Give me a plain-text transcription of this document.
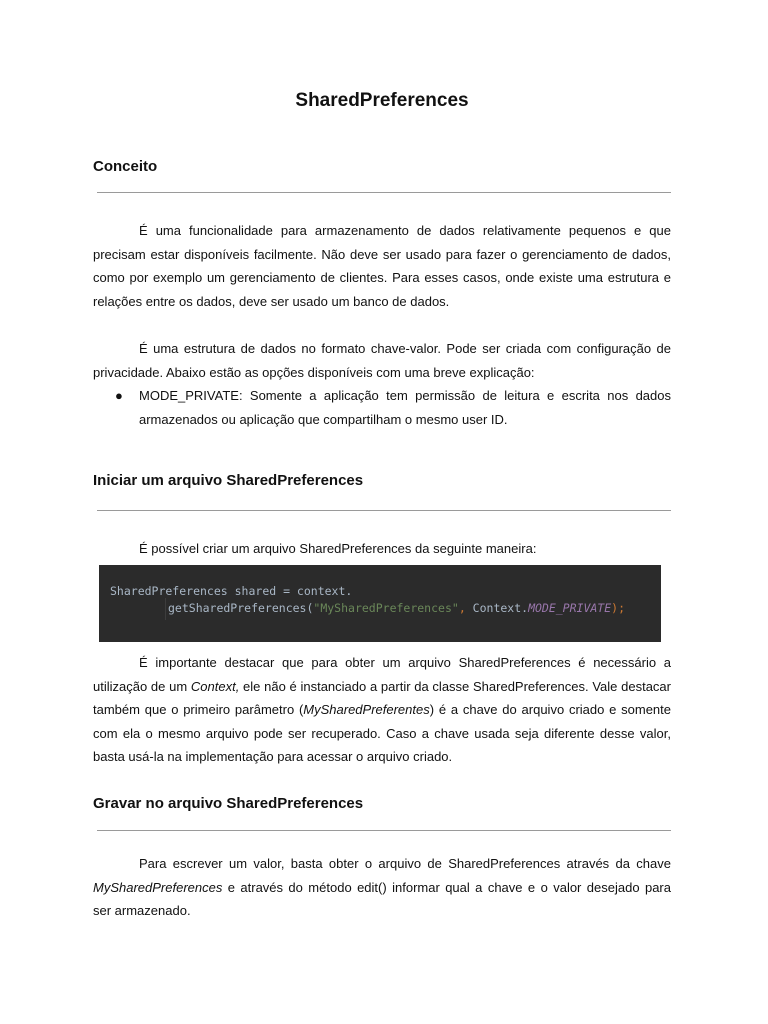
SharedPreferences
Conceito
É uma funcionalidade para armazenamento de dados relativamente pequenos e que
precisam estar disponíveis facilmente. Não deve ser usado para fazer o gerenciamento de dados,
como por exemplo um gerenciamento de clientes. Para esses casos, onde existe uma estrutura e
relações entre os dados, deve ser usado um banco de dados.
É uma estrutura de dados no formato chave-valor. Pode ser criada com configuração de
privacidade. Abaixo estão as opções disponíveis com uma breve explicação:
● MODE_PRIVATE: Somente a aplicação tem permissão de leitura e escrita nos dados
armazenados ou aplicação que compartilham o mesmo user ID.
Iniciar um arquivo SharedPreferences
É possível criar um arquivo SharedPreferences da seguinte maneira:
SharedPreferences shared = context.
getSharedPreferences("MySharedPreferences", Context.MODE_PRIVATE);
É importante destacar que para obter um arquivo SharedPreferences é necessário a
utilização de um Context, ele não é instanciado a partir da classe SharedPreferences. Vale destacar
também que o primeiro parâmetro (MySharedPreferentes) é a chave do arquivo criado e somente
com ela o mesmo arquivo pode ser recuperado. Caso a chave usada seja diferente desse valor,
basta usá-la na implementação para acessar o arquivo criado.
Gravar no arquivo SharedPreferences
Para escrever um valor, basta obter o arquivo de SharedPreferences através da chave
MySharedPreferences e através do método edit() informar qual a chave e o valor desejado para
ser armazenado.
